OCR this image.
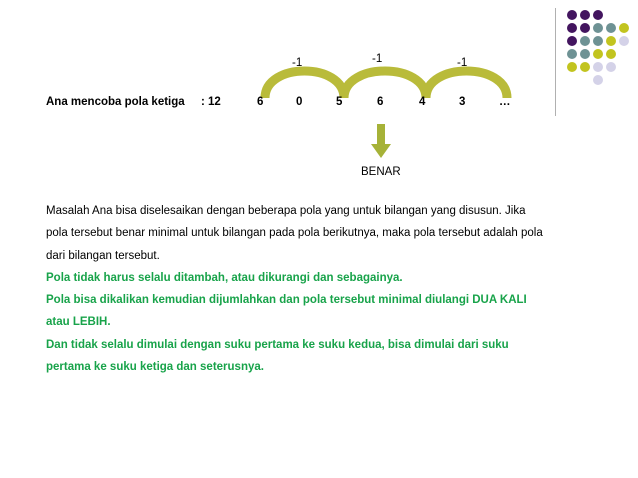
-1	-1	-1
Ana mencoba pola ketiga : 12	6	0	5	6	4	3	…
BENAR

Masalah Ana bisa diselesaikan dengan beberapa pola yang untuk bilangan yang disusun. Jika

pola tersebut benar minimal untuk bilangan pada pola berikutnya, maka pola tersebut adalah pola

dari bilangan tersebut.

Pola tidak harus selalu ditambah, atau dikurangi dan sebagainya.

Pola bisa dikalikan kemudian dijumlahkan dan pola tersebut minimal diulangi DUA KALI

atau LEBIH.

Dan tidak selalu dimulai dengan suku pertama ke suku kedua, bisa dimulai dari suku

pertama ke suku ketiga dan seterusnya.
